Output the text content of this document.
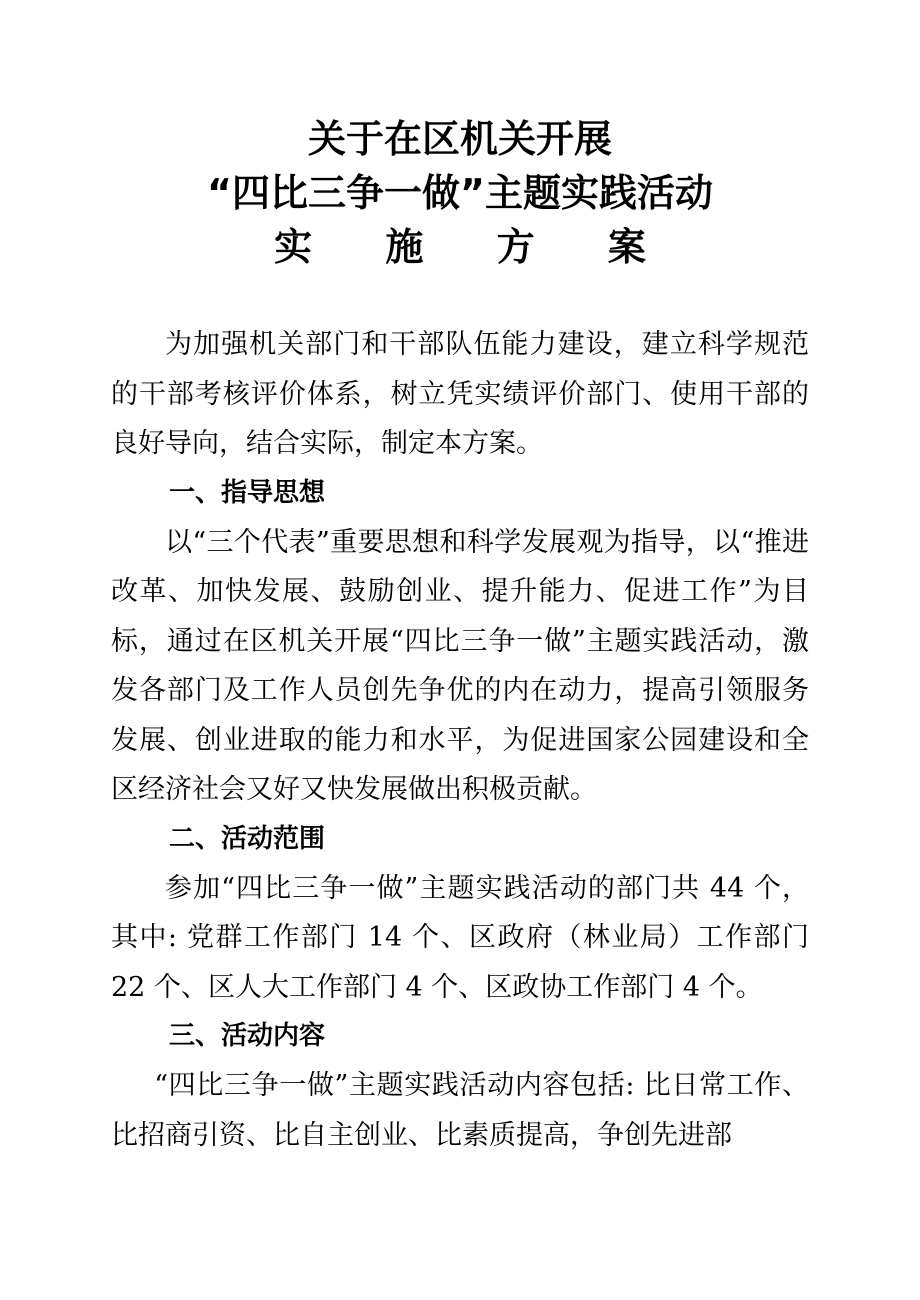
关于在区机关开展
“四比三争一做”主题实践活动
实 施 方 案

为加强机关部门和干部队伍能力建设，建立科学规范的干部考核评价体系，树立凭实绩评价部门、使用干部的良好导向，结合实际，制定本方案。

一、指导思想

以“三个代表”重要思想和科学发展观为指导，以“推进改革、加快发展、鼓励创业、提升能力、促进工作”为目标，通过在区机关开展“四比三争一做”主题实践活动，激发各部门及工作人员创先争优的内在动力，提高引领服务发展、创业进取的能力和水平，为促进国家公园建设和全区经济社会又好又快发展做出积极贡献。

二、活动范围

参加“四比三争一做”主题实践活动的部门共 44 个，其中: 党群工作部门 14 个、区政府（林业局）工作部门 22 个、区人大工作部门 4 个、区政协工作部门 4 个。

三、活动内容

“四比三争一做”主题实践活动内容包括: 比日常工作、比招商引资、比自主创业、比素质提高，争创先进部
